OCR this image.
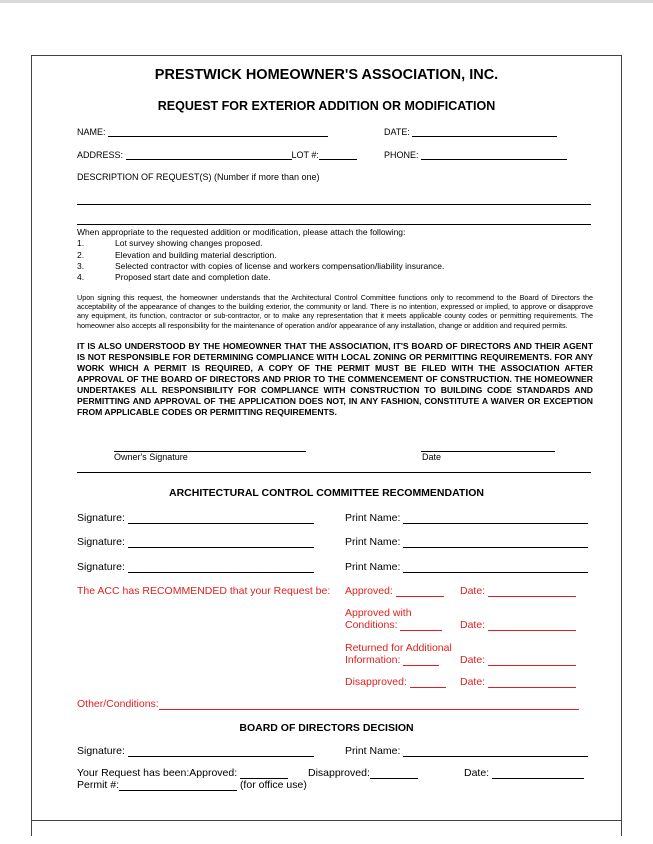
PRESTWICK HOMEOWNER'S ASSOCIATION, INC.
REQUEST FOR EXTERIOR ADDITION OR MODIFICATION
NAME:	DATE:
ADDRESS:	LOT #:	PHONE:
DESCRIPTION OF REQUEST(S) (Number if more than one)
When appropriate to the requested addition or modification, please attach the following:
1.	Lot survey showing changes proposed.
2.	Elevation and building material description.
3.	Selected contractor with copies of license and workers compensation/liability insurance.
4.	Proposed start date and completion date.
Upon signing this request, the homeowner understands that the Architectural Control Committee functions only to recommend to the Board of Directors the acceptability of the appearance of changes to the building exterior, the community or land. There is no intention, expressed or implied, to approve or disapprove any equipment, its function, contractor or sub-contractor, or to make any representation that it meets applicable county codes or permitting requirements. The homeowner also accepts all responsibility for the maintenance of operation and/or appearance of any installation, change or addition and required permits.
IT IS ALSO UNDERSTOOD BY THE HOMEOWNER THAT THE ASSOCIATION, IT'S BOARD OF DIRECTORS AND THEIR AGENT IS NOT RESPONSIBLE FOR DETERMINING COMPLIANCE WITH LOCAL ZONING OR PERMITTING REQUIREMENTS. FOR ANY WORK WHICH A PERMIT IS REQUIRED, A COPY OF THE PERMIT MUST BE FILED WITH THE ASSOCIATION AFTER APPROVAL OF THE BOARD OF DIRECTORS AND PRIOR TO THE COMMENCEMENT OF CONSTRUCTION. THE HOMEOWNER UNDERTAKES ALL RESPONSIBILITY FOR COMPLIANCE WITH CONSTRUCTION TO BUILDING CODE STANDARDS AND PERMITTING AND APPROVAL OF THE APPLICATION DOES NOT, IN ANY FASHION, CONSTITUTE A WAIVER OR EXCEPTION FROM APPLICABLE CODES OR PERMITTING REQUIREMENTS.
Owner's Signature	Date
ARCHITECTURAL CONTROL COMMITTEE RECOMMENDATION
Signature:	Print Name:
Signature:	Print Name:
Signature:	Print Name:
The ACC has RECOMMENDED that your Request be: Approved:	Date:
Approved with
Conditions:	Date:
Returned for Additional
Information:	Date:
Disapproved:	Date:
Other/Conditions:
BOARD OF DIRECTORS DECISION
Signature:	Print Name:
Your Request has been:Approved:	Disapproved:	Date:
Permit #:	(for office use)
